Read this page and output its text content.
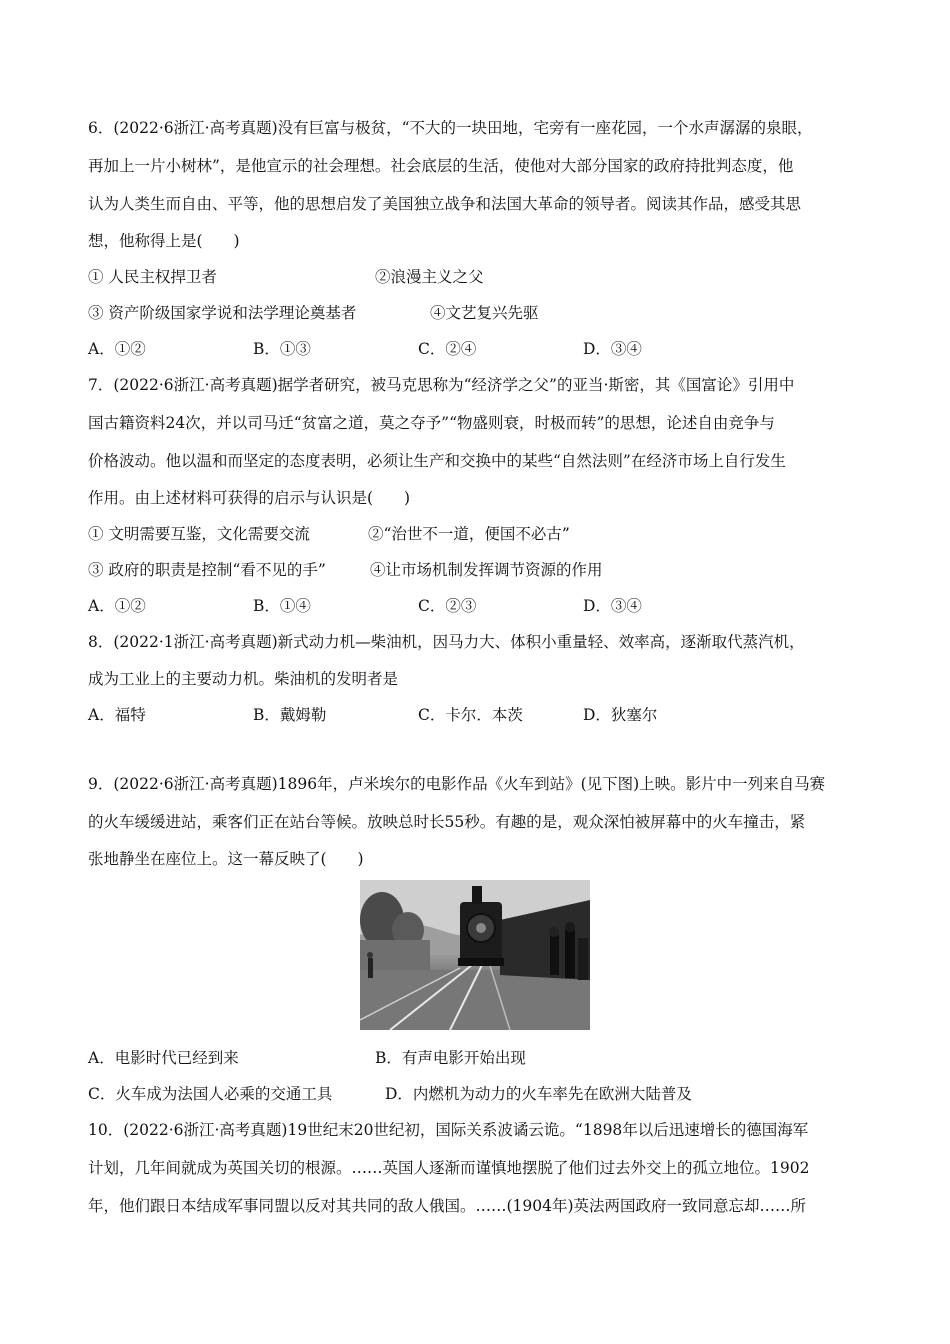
6．(2022·6浙江·高考真题)没有巨富与极贫，“不大的一块田地，宅旁有一座花园，一个水声潺潺的泉眼，

再加上一片小树林”，是他宣示的社会理想。社会底层的生活，使他对大部分国家的政府持批判态度，他

认为人类生而自由、平等，他的思想启发了美国独立战争和法国大革命的领导者。阅读其作品，感受其思

想，他称得上是(　　)

① 人民主权捍卫者	②浪漫主义之父
③ 资产阶级国家学说和法学理论奠基者	④文艺复兴先驱
A．①②	B．①③	C．②④	D．③④

7．(2022·6浙江·高考真题)据学者研究，被马克思称为“经济学之父”的亚当·斯密，其《国富论》引用中

国古籍资料24次，并以司马迁“贫富之道，莫之夺予”“物盛则衰，时极而转”的思想，论述自由竞争与

价格波动。他以温和而坚定的态度表明，必须让生产和交换中的某些“自然法则”在经济市场上自行发生

作用。由上述材料可获得的启示与认识是(　　)

① 文明需要互鉴，文化需要交流	②“治世不一道，便国不必古”
③ 政府的职责是控制“看不见的手”	④让市场机制发挥调节资源的作用
A．①②	B．①④	C．②③	D．③④

8．(2022·1浙江·高考真题)新式动力机—柴油机，因马力大、体积小重量轻、效率高，逐渐取代蒸汽机，

成为工业上的主要动力机。柴油机的发明者是

A．福特	B．戴姆勒	C．卡尔．本茨	D．狄塞尔

9．(2022·6浙江·高考真题)1896年，卢米埃尔的电影作品《火车到站》(见下图)上映。影片中一列来自马赛

的火车缓缓进站，乘客们正在站台等候。放映总时长55秒。有趣的是，观众深怕被屏幕中的火车撞击，紧

张地静坐在座位上。这一幕反映了(　　)

A．电影时代已经到来	B．有声电影开始出现
C．火车成为法国人必乘的交通工具	D．内燃机为动力的火车率先在欧洲大陆普及

10．(2022·6浙江·高考真题)19世纪末20世纪初，国际关系波谲云诡。“1898年以后迅速增长的德国海军

计划，几年间就成为英国关切的根源。……英国人逐渐而谨慎地摆脱了他们过去外交上的孤立地位。1902

年，他们跟日本结成军事同盟以反对其共同的敌人俄国。……(1904年)英法两国政府一致同意忘却……所
